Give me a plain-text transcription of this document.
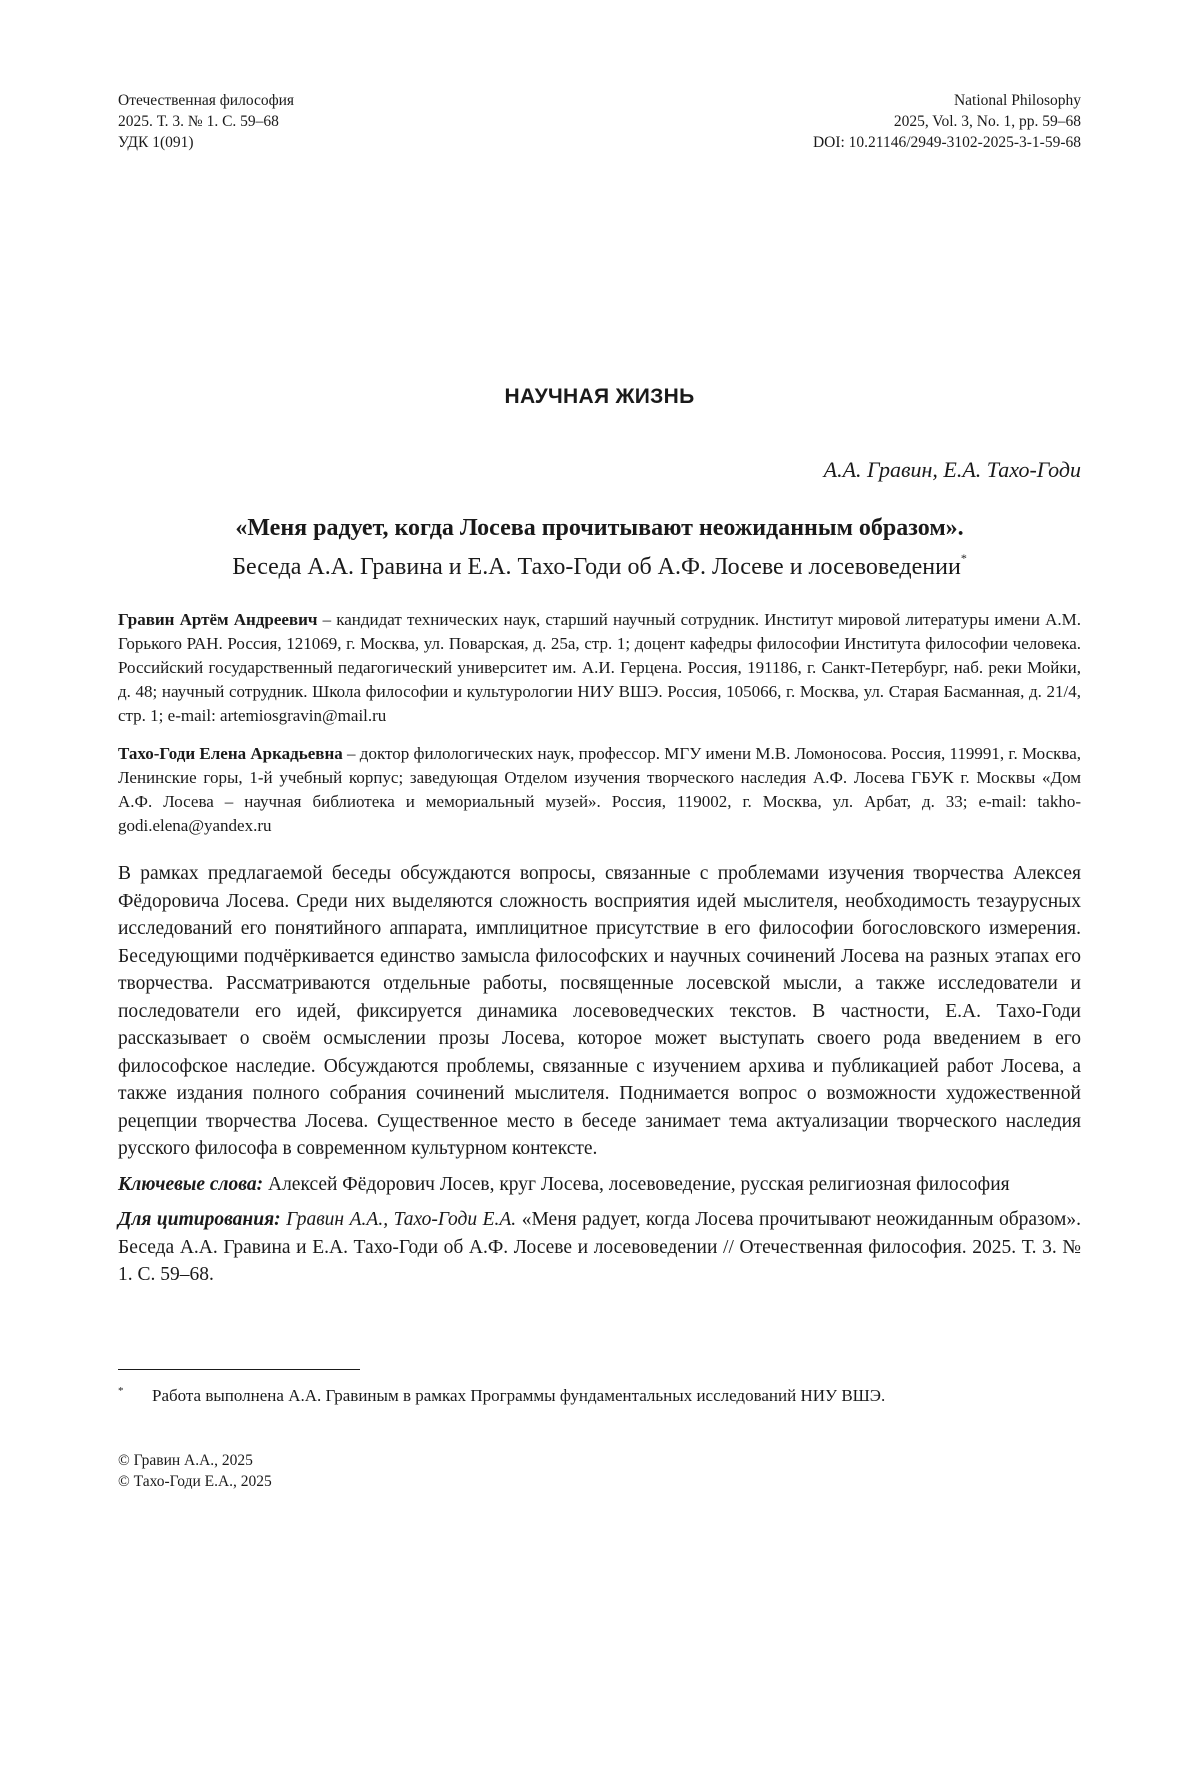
Отечественная философия
2025. Т. 3. № 1. С. 59–68
УДК 1(091)
National Philosophy
2025, Vol. 3, No. 1, pp. 59–68
DOI: 10.21146/2949-3102-2025-3-1-59-68
НАУЧНАЯ ЖИЗНЬ
А.А. Гравин, Е.А. Тахо-Годи
«Меня радует, когда Лосева прочитывают неожиданным образом».
Беседа А.А. Гравина и Е.А. Тахо-Годи об А.Ф. Лосеве и лосевоведении*
Гравин Артём Андреевич – кандидат технических наук, старший научный сотрудник. Институт мировой литературы имени А.М. Горького РАН. Россия, 121069, г. Москва, ул. Поварская, д. 25а, стр. 1; доцент кафедры философии Института философии человека. Российский государственный педагогический университет им. А.И. Герцена. Россия, 191186, г. Санкт-Петербург, наб. реки Мойки, д. 48; научный сотрудник. Школа философии и культурологии НИУ ВШЭ. Россия, 105066, г. Москва, ул. Старая Басманная, д. 21/4, стр. 1; e-mail: artemiosgravin@mail.ru
Тахо-Годи Елена Аркадьевна – доктор филологических наук, профессор. МГУ имени М.В. Ломоносова. Россия, 119991, г. Москва, Ленинские горы, 1-й учебный корпус; заведующая Отделом изучения творческого наследия А.Ф. Лосева ГБУК г. Москвы «Дом А.Ф. Лосева – научная библиотека и мемориальный музей». Россия, 119002, г. Москва, ул. Арбат, д. 33; e-mail: takho-godi.elena@yandex.ru
В рамках предлагаемой беседы обсуждаются вопросы, связанные с проблемами изучения творчества Алексея Фёдоровича Лосева. Среди них выделяются сложность восприятия идей мыслителя, необходимость тезаурусных исследований его понятийного аппарата, имплицитное присутствие в его философии богословского измерения. Беседующими подчёркивается единство замысла философских и научных сочинений Лосева на разных этапах его творчества. Рассматриваются отдельные работы, посвященные лосевской мысли, а также исследователи и последователи его идей, фиксируется динамика лосевоведческих текстов. В частности, Е.А. Тахо-Годи рассказывает о своём осмыслении прозы Лосева, которое может выступать своего рода введением в его философское наследие. Обсуждаются проблемы, связанные с изучением архива и публикацией работ Лосева, а также издания полного собрания сочинений мыслителя. Поднимается вопрос о возможности художественной рецепции творчества Лосева. Существенное место в беседе занимает тема актуализации творческого наследия русского философа в современном культурном контексте.
Ключевые слова: Алексей Фёдорович Лосев, круг Лосева, лосевоведение, русская религиозная философия
Для цитирования: Гравин А.А., Тахо-Годи Е.А. «Меня радует, когда Лосева прочитывают неожиданным образом». Беседа А.А. Гравина и Е.А. Тахо-Годи об А.Ф. Лосеве и лосевоведении // Отечественная философия. 2025. Т. 3. № 1. С. 59–68.
*	Работа выполнена А.А. Гравиным в рамках Программы фундаментальных исследований НИУ ВШЭ.
© Гравин А.А., 2025
© Тахо-Годи Е.А., 2025
